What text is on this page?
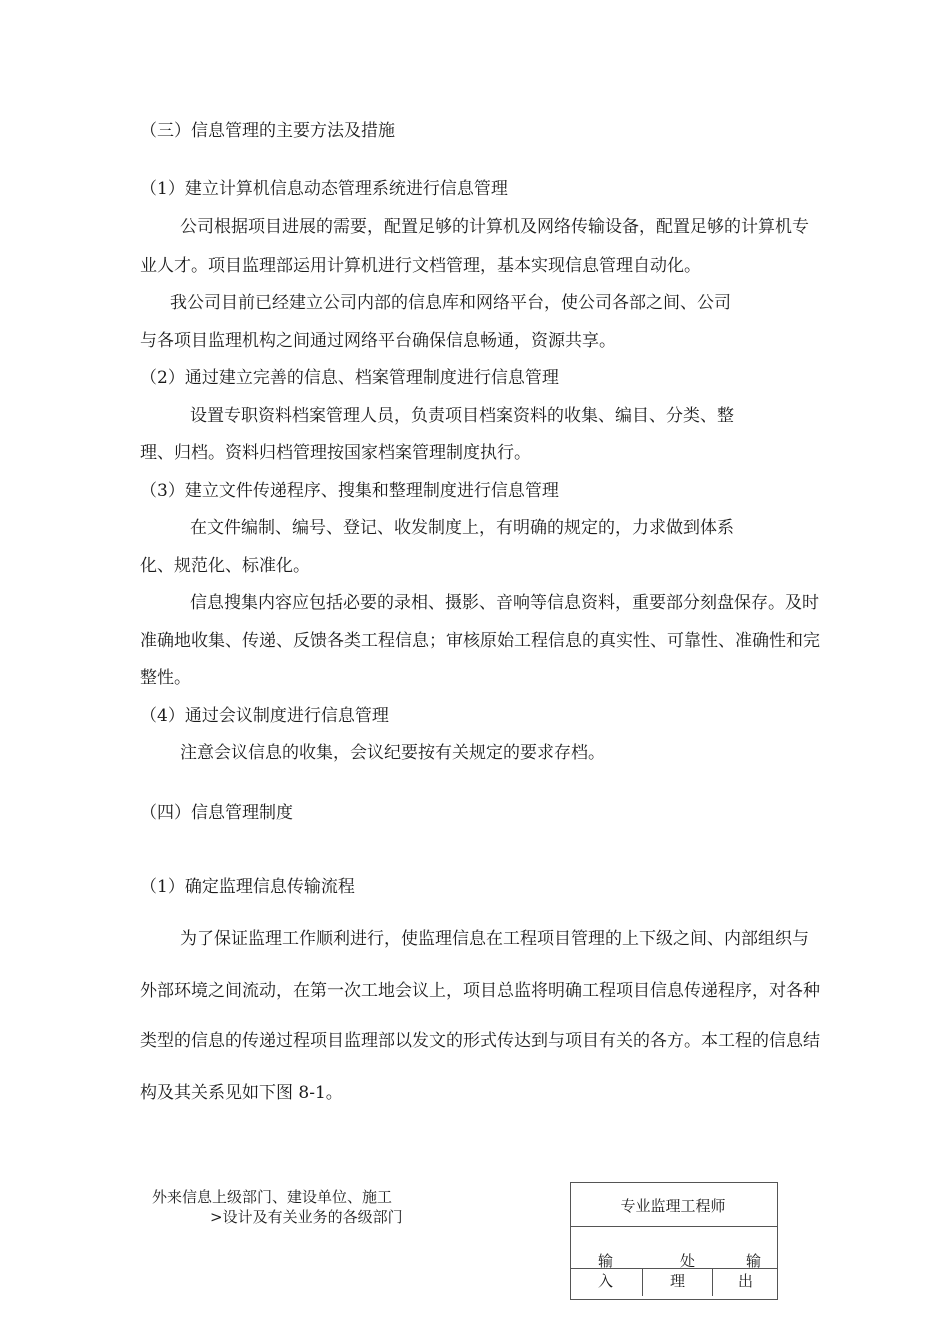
（三）信息管理的主要方法及措施
（1）建立计算机信息动态管理系统进行信息管理
公司根据项目进展的需要，配置足够的计算机及网络传输设备，配置足够的计算机专
业人才。项目监理部运用计算机进行文档管理，基本实现信息管理自动化。
我公司目前已经建立公司内部的信息库和网络平台，使公司各部之间、公司
与各项目监理机构之间通过网络平台确保信息畅通，资源共享。
（2）通过建立完善的信息、档案管理制度进行信息管理
设置专职资料档案管理人员，负责项目档案资料的收集、编目、分类、整
理、归档。资料归档管理按国家档案管理制度执行。
（3）建立文件传递程序、搜集和整理制度进行信息管理
在文件编制、编号、登记、收发制度上，有明确的规定的，力求做到体系
化、规范化、标准化。
信息搜集内容应包括必要的录相、摄影、音响等信息资料，重要部分刻盘保存。及时
准确地收集、传递、反馈各类工程信息；审核原始工程信息的真实性、可靠性、准确性和完
整性。
（4）通过会议制度进行信息管理
注意会议信息的收集，会议纪要按有关规定的要求存档。
（四）信息管理制度
（1）确定监理信息传输流程
为了保证监理工作顺利进行，使监理信息在工程项目管理的上下级之间、内部组织与
外部环境之间流动，在第一次工地会议上，项目总监将明确工程项目信息传递程序，对各种
类型的信息的传递过程项目监理部以发文的形式传达到与项目有关的各方。本工程的信息结
构及其关系见如下图 8-1。
外来信息上级部门、建设单位、施工
>设计及有关业务的各级部门
专业监理工程师
输
入
处
理
输
出
